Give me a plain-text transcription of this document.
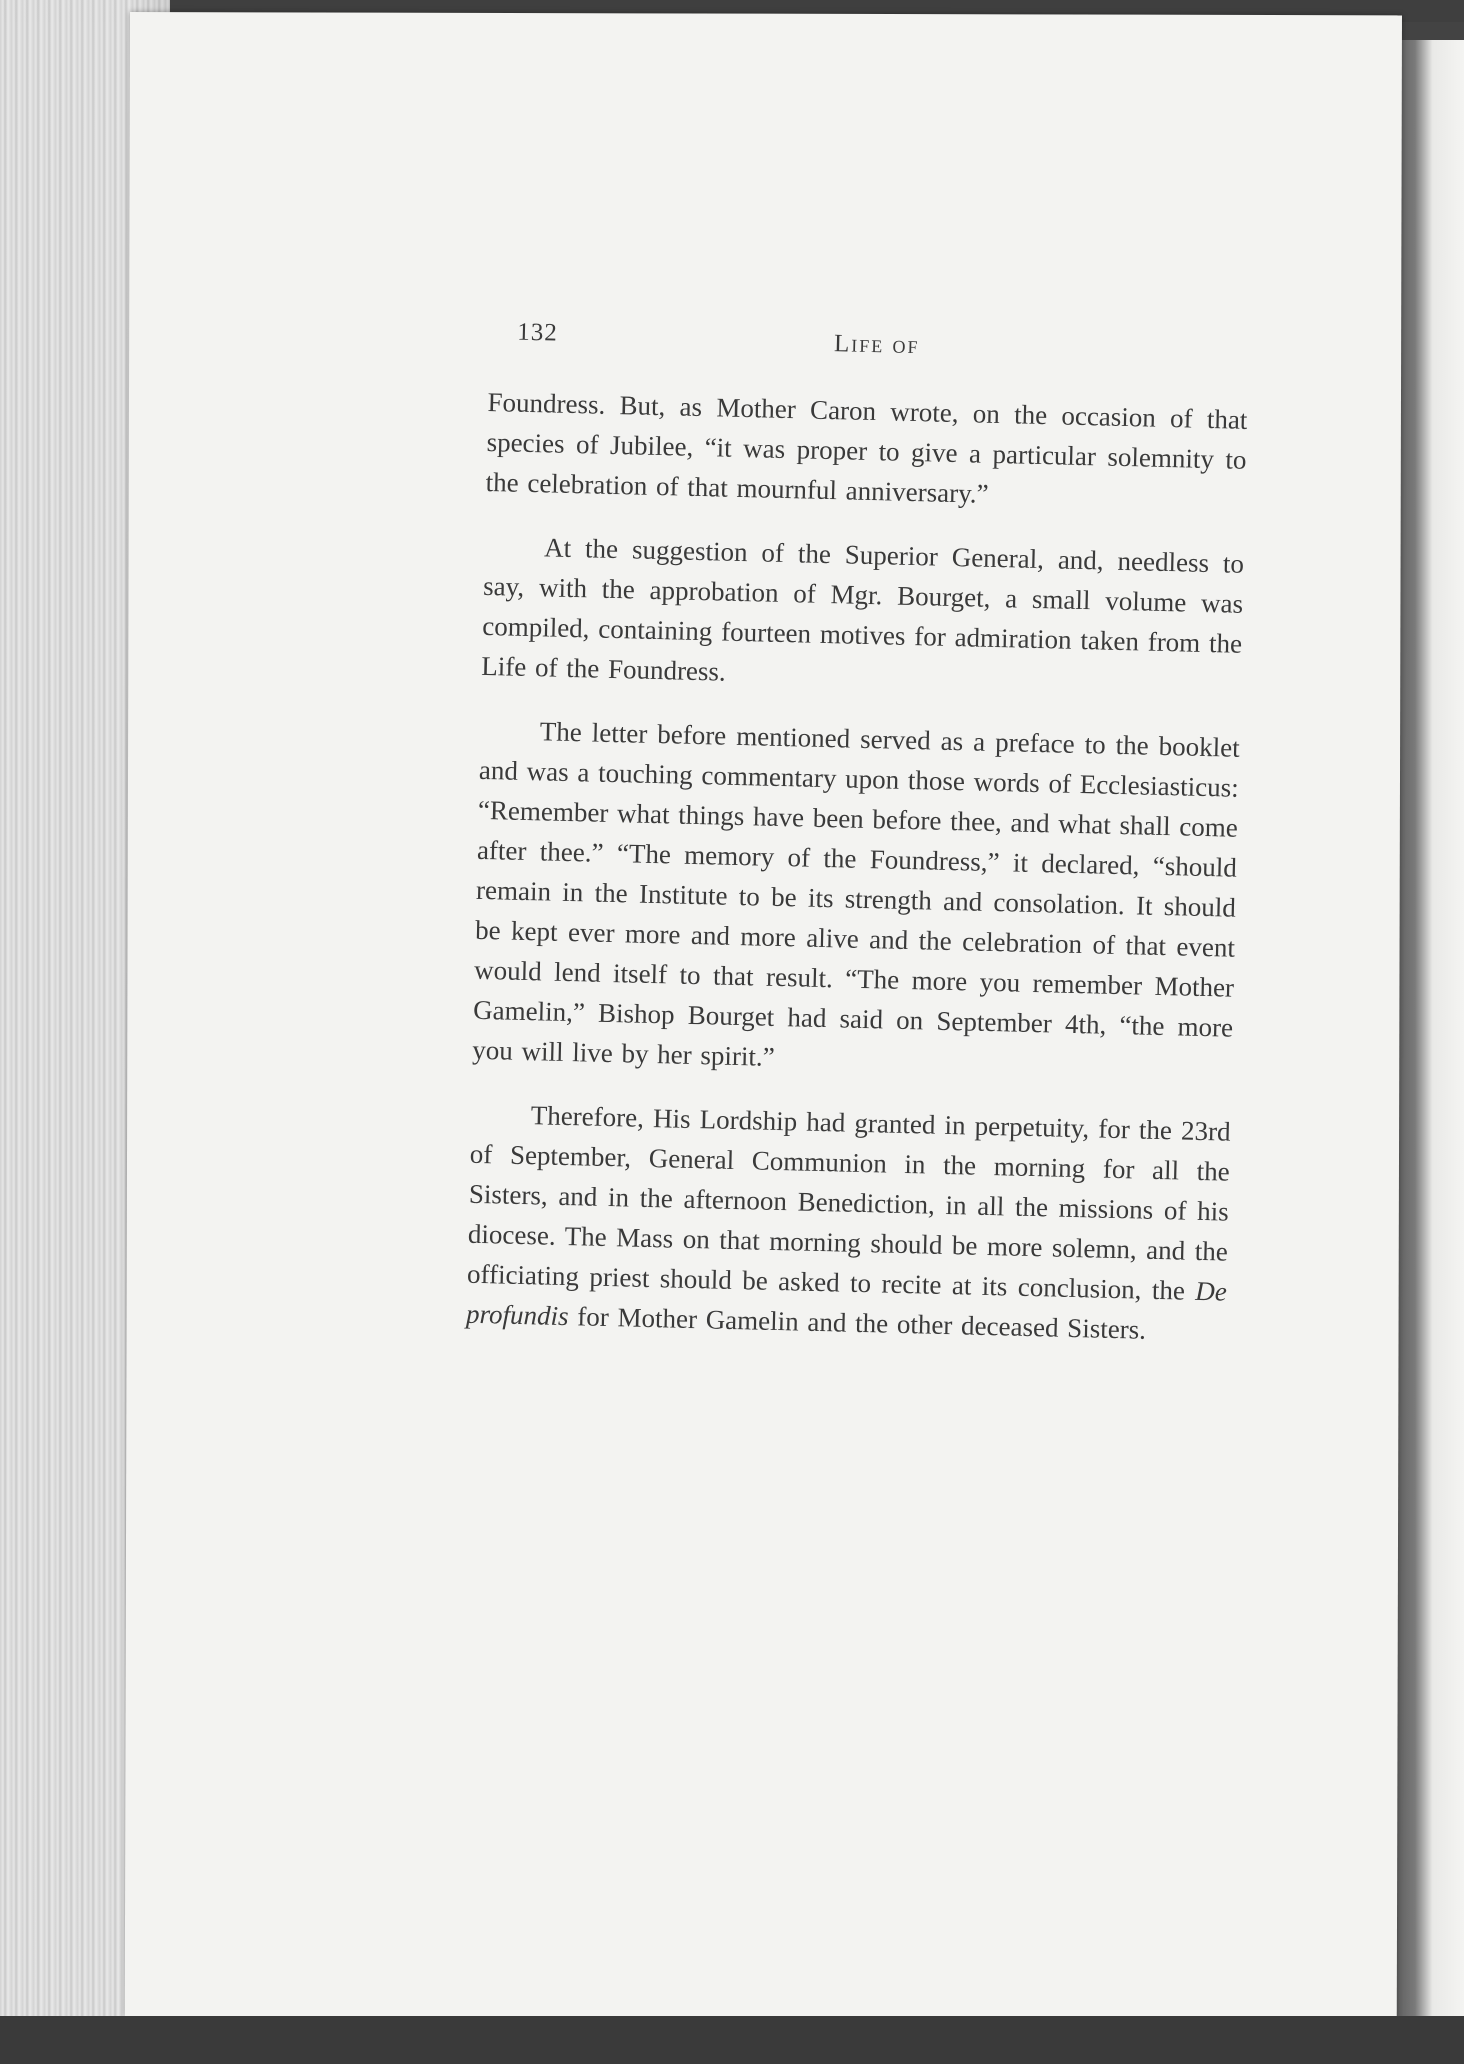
132	Life of

Foundress. But, as Mother Caron wrote, on the occasion of that species of Jubilee, “it was proper to give a particular solemnity to the celebration of that mournful anniversary.”

At the suggestion of the Superior General, and, needless to say, with the approbation of Mgr. Bourget, a small volume was compiled, containing fourteen motives for admiration taken from the Life of the Foundress.

The letter before mentioned served as a preface to the booklet and was a touching commentary upon those words of Ecclesiasticus: “Remember what things have been before thee, and what shall come after thee.” “The memory of the Foundress,” it declared, “should remain in the Institute to be its strength and consolation. It should be kept ever more and more alive and the celebration of that event would lend itself to that result. “The more you remember Mother Gamelin,” Bishop Bourget had said on September 4th, “the more you will live by her spirit.”

Therefore, His Lordship had granted in perpetuity, for the 23rd of September, General Communion in the morning for all the Sisters, and in the afternoon Benediction, in all the missions of his diocese. The Mass on that morning should be more solemn, and the officiating priest should be asked to recite at its conclusion, the De profundis for Mother Gamelin and the other deceased Sisters.
